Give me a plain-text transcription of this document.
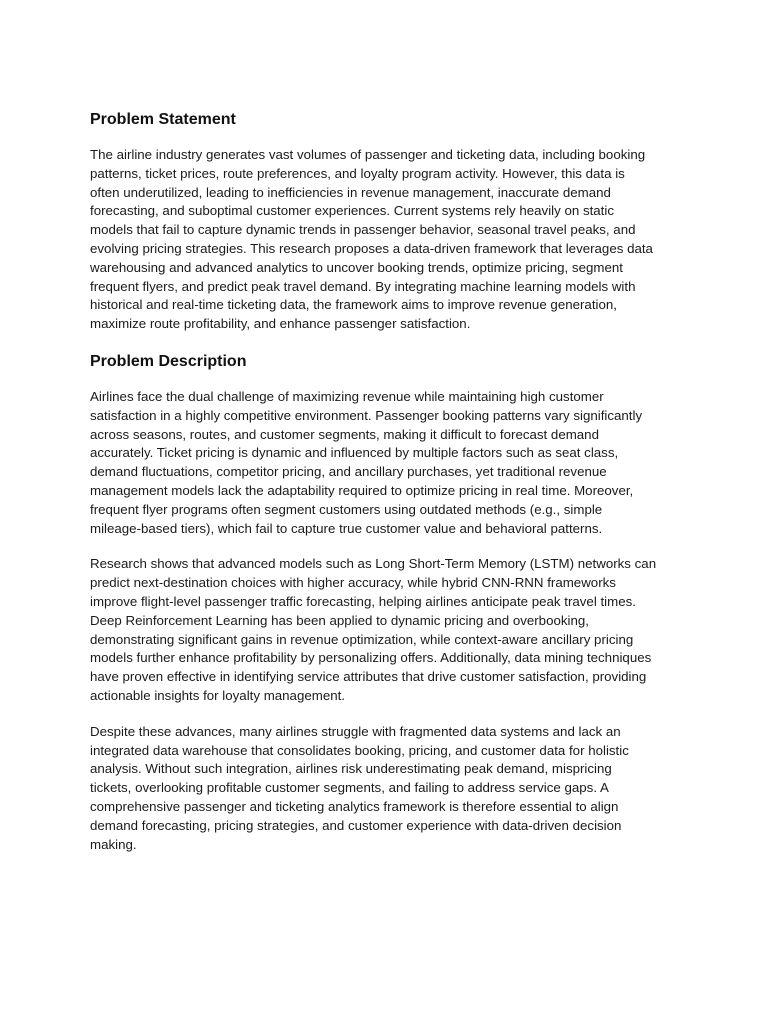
Problem Statement

The airline industry generates vast volumes of passenger and ticketing data, including booking
patterns, ticket prices, route preferences, and loyalty program activity. However, this data is
often underutilized, leading to inefficiencies in revenue management, inaccurate demand
forecasting, and suboptimal customer experiences. Current systems rely heavily on static
models that fail to capture dynamic trends in passenger behavior, seasonal travel peaks, and
evolving pricing strategies. This research proposes a data-driven framework that leverages data
warehousing and advanced analytics to uncover booking trends, optimize pricing, segment
frequent flyers, and predict peak travel demand. By integrating machine learning models with
historical and real-time ticketing data, the framework aims to improve revenue generation,
maximize route profitability, and enhance passenger satisfaction.

Problem Description

Airlines face the dual challenge of maximizing revenue while maintaining high customer
satisfaction in a highly competitive environment. Passenger booking patterns vary significantly
across seasons, routes, and customer segments, making it difficult to forecast demand
accurately. Ticket pricing is dynamic and influenced by multiple factors such as seat class,
demand fluctuations, competitor pricing, and ancillary purchases, yet traditional revenue
management models lack the adaptability required to optimize pricing in real time. Moreover,
frequent flyer programs often segment customers using outdated methods (e.g., simple
mileage-based tiers), which fail to capture true customer value and behavioral patterns.

Research shows that advanced models such as Long Short-Term Memory (LSTM) networks can
predict next-destination choices with higher accuracy, while hybrid CNN-RNN frameworks
improve flight-level passenger traffic forecasting, helping airlines anticipate peak travel times.
Deep Reinforcement Learning has been applied to dynamic pricing and overbooking,
demonstrating significant gains in revenue optimization, while context-aware ancillary pricing
models further enhance profitability by personalizing offers. Additionally, data mining techniques
have proven effective in identifying service attributes that drive customer satisfaction, providing
actionable insights for loyalty management.

Despite these advances, many airlines struggle with fragmented data systems and lack an
integrated data warehouse that consolidates booking, pricing, and customer data for holistic
analysis. Without such integration, airlines risk underestimating peak demand, mispricing
tickets, overlooking profitable customer segments, and failing to address service gaps. A
comprehensive passenger and ticketing analytics framework is therefore essential to align
demand forecasting, pricing strategies, and customer experience with data-driven decision
making.
